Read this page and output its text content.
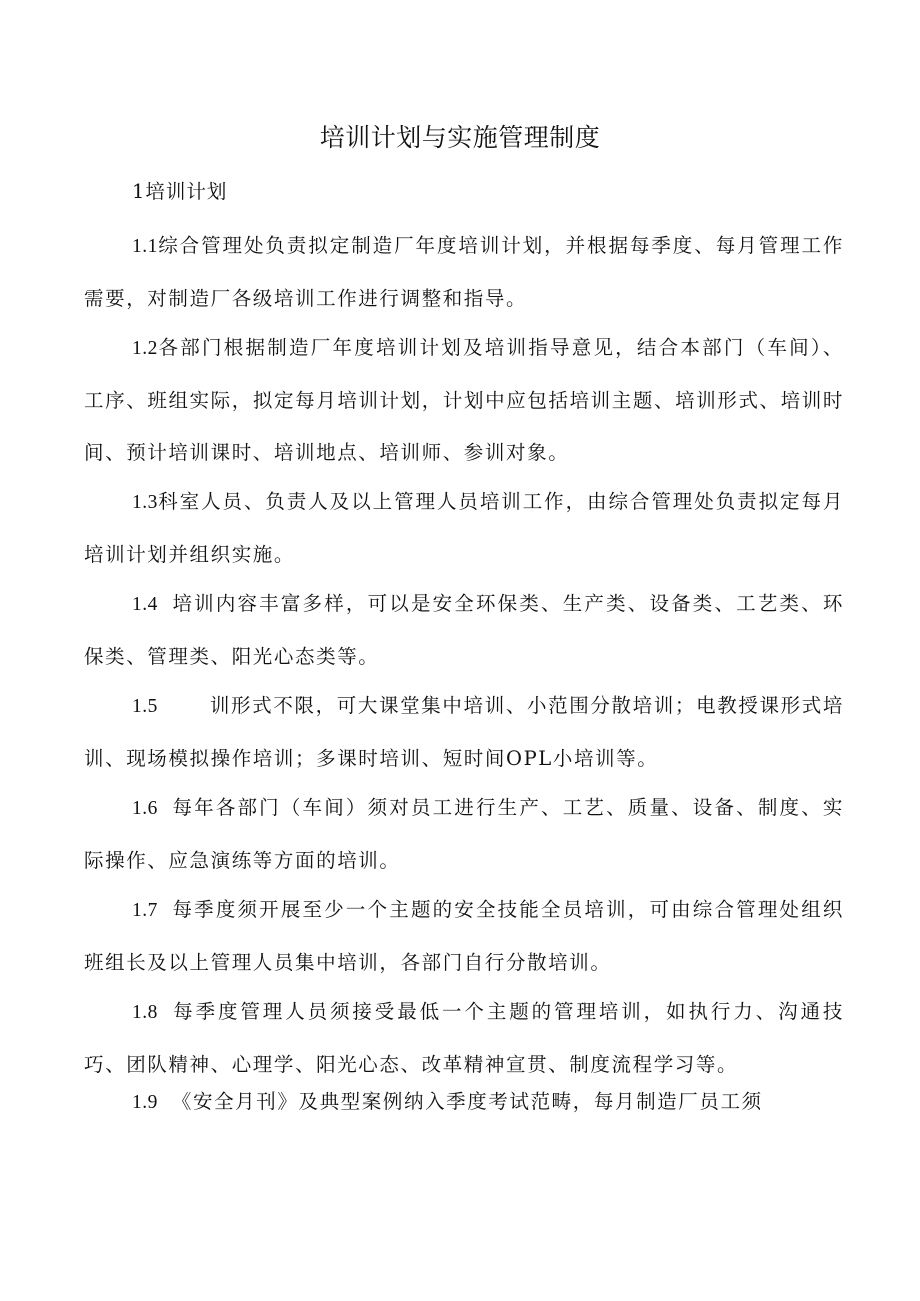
培训计划与实施管理制度
1培训计划

1.1综合管理处负责拟定制造厂年度培训计划，并根据每季度、每月管理工作需要，对制造厂各级培训工作进行调整和指导。

1.2各部门根据制造厂年度培训计划及培训指导意见，结合本部门（车间）、工序、班组实际，拟定每月培训计划，计划中应包括培训主题、培训形式、培训时间、预计培训课时、培训地点、培训师、参训对象。

1.3科室人员、负责人及以上管理人员培训工作，由综合管理处负责拟定每月培训计划并组织实施。

1.4 培训内容丰富多样，可以是安全环保类、生产类、设备类、工艺类、环保类、管理类、阳光心态类等。

1.5	训形式不限，可大课堂集中培训、小范围分散培训；电教授课形式培训、现场模拟操作培训；多课时培训、短时间OPL小培训等。

1.6 每年各部门（车间）须对员工进行生产、工艺、质量、设备、制度、实际操作、应急演练等方面的培训。

1.7 每季度须开展至少一个主题的安全技能全员培训，可由综合管理处组织班组长及以上管理人员集中培训，各部门自行分散培训。

1.8 每季度管理人员须接受最低一个主题的管理培训，如执行力、沟通技巧、团队精神、心理学、阳光心态、改革精神宣贯、制度流程学习等。

1.9 《安全月刊》及典型案例纳入季度考试范畴，每月制造厂员工须
